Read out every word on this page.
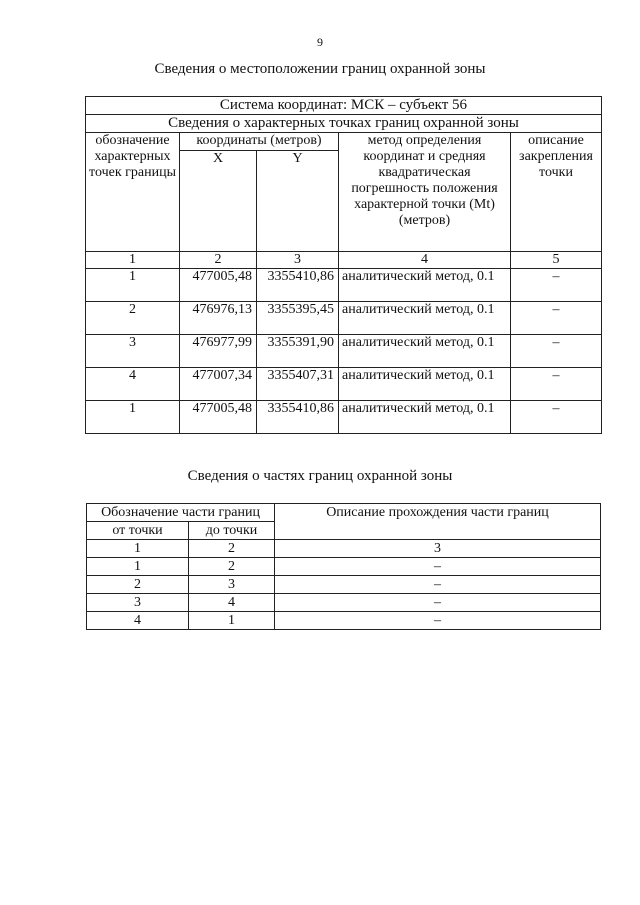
9
Сведения о местоположении границ охранной зоны
Система координат: МСК – субъект 56				
Сведения о характерных точках границ охранной зоны				
обозначение характерных точек границы	координаты (метров)		метод определения координат и средняя квадратическая погрешность положения характерной точки (Mt) (метров)	описание закрепления точки
	X	Y		
1	2	3	4	5
1	477005,48	3355410,86	аналитический метод, 0.1	–
2	476976,13	3355395,45	аналитический метод, 0.1	–
3	476977,99	3355391,90	аналитический метод, 0.1	–
4	477007,34	3355407,31	аналитический метод, 0.1	–
1	477005,48	3355410,86	аналитический метод, 0.1	–
Сведения о частях границ охранной зоны
Обозначение части границ		Описание прохождения части границ
от точки	до точки	
1	2	3
1	2	–
2	3	–
3	4	–
4	1	–
